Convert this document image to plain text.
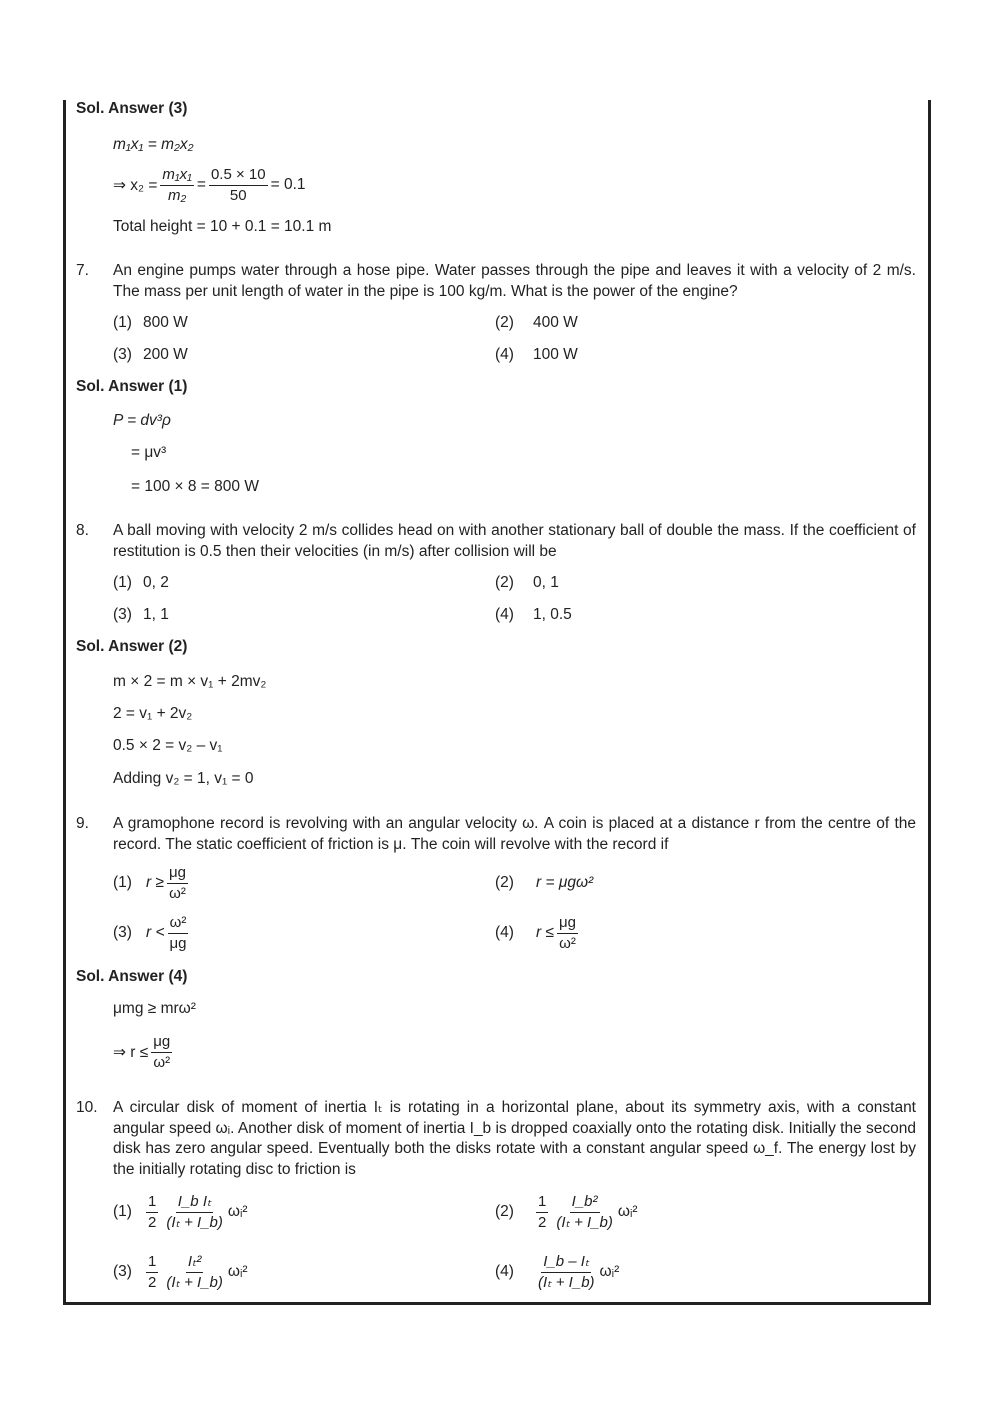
Sol. Answer (3)
m₁x₁ = m₂x₂
⇒ $x_2 = \frac{\text{m₁x₁}}{\text{m₂}} = \frac{0.5 \times 10}{50} = 0.1$
Total height = 10 + 0.1 = 10.1 m
7. An engine pumps water through a hose pipe. Water passes through the pipe and leaves it with a velocity of 2 m/s. The mass per unit length of water in the pipe is 100 kg/m. What is the power of the engine?
(1) 800 W	(2) 400 W
(3) 200 W	(4) 100 W
Sol. Answer (1)
P = dv³ρ
= μv³
= 100 × 8 = 800 W
8. A ball moving with velocity 2 m/s collides head on with another stationary ball of double the mass. If the coefficient of restitution is 0.5 then their velocities (in m/s) after collision will be
(1) 0, 2	(2) 0, 1
(3) 1, 1	(4) 1, 0.5
Sol. Answer (2)
m × 2 = m × v₁ + 2mv₂
2 = v₁ + 2v₂
0.5 × 2 = v₂ – v₁
Adding v₂ = 1, v₁ = 0
9. A gramophone record is revolving with an angular velocity ω. A coin is placed at a distance r from the centre of the record. The static coefficient of friction is μ. The coin will revolve with the record if
(1) $r \ge \frac{\mu g}{\text{ω²}}$	(2) r = μgω²
(3) $r < \frac{\text{ω²}}{\mu g}$	(4) $r \le \frac{\mu g}{\text{ω²}}$
Sol. Answer (4)
μmg ≥ mrω²
⇒ $r \le \frac{\mu g}{\text{ω²}}$
10. A circular disk of moment of inertia Iₜ is rotating in a horizontal plane, about its symmetry axis, with a constant angular speed ωᵢ. Another disk of moment of inertia I_b is dropped coaxially onto the rotating disk. Initially the second disk has zero angular speed. Eventually both the disks rotate with a constant angular speed ω_f. The energy lost by the initially rotating disc to friction is
$(1) \frac{1}{2} \frac{\text{I\_b Iₜ}}{\text{(Iₜ + I\_b)}}$ ωᵢ²	$(2) \frac{1}{2} \frac{\text{I\_b²}}{\text{(Iₜ + I\_b)}}$ ωᵢ²
$(3) \frac{1}{2} \frac{\text{Iₜ²}}{\text{(Iₜ + I\_b)}}$ ωᵢ²	$(4) \frac{\text{I\_b – Iₜ}}{\text{(Iₜ + I\_b)}}$ ωᵢ²
